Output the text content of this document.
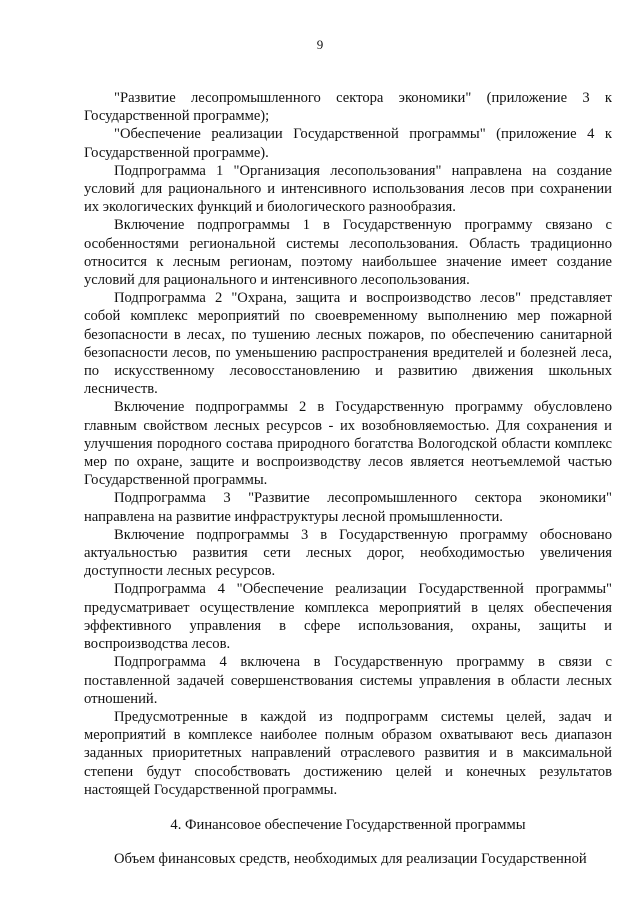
9

"Развитие лесопромышленного сектора экономики" (приложение 3 к Государственной программе);

"Обеспечение реализации Государственной программы" (приложение 4 к Государственной программе).

Подпрограмма 1 "Организация лесопользования" направлена на создание условий для рационального и интенсивного использования лесов при сохранении их экологических функций и биологического разнообразия.

Включение подпрограммы 1 в Государственную программу связано с особенностями региональной системы лесопользования. Область традиционно относится к лесным регионам, поэтому наибольшее значение имеет создание условий для рационального и интенсивного лесопользования.

Подпрограмма 2 "Охрана, защита и воспроизводство лесов" представляет собой комплекс мероприятий по своевременному выполнению мер пожарной безопасности в лесах, по тушению лесных пожаров, по обеспечению санитарной безопасности лесов, по уменьшению распространения вредителей и болезней леса, по искусственному лесовосстановлению и развитию движения школьных лесничеств.

Включение подпрограммы 2 в Государственную программу обусловлено главным свойством лесных ресурсов - их возобновляемостью. Для сохранения и улучшения породного состава природного богатства Вологодской области комплекс мер по охране, защите и воспроизводству лесов является неотъемлемой частью Государственной программы.

Подпрограмма 3 "Развитие лесопромышленного сектора экономики" направлена на развитие инфраструктуры лесной промышленности.

Включение подпрограммы 3 в Государственную программу обосновано актуальностью развития сети лесных дорог, необходимостью увеличения доступности лесных ресурсов.

Подпрограмма 4 "Обеспечение реализации Государственной программы" предусматривает осуществление комплекса мероприятий в целях обеспечения эффективного управления в сфере использования, охраны, защиты и воспроизводства лесов.

Подпрограмма 4 включена в Государственную программу в связи с поставленной задачей совершенствования системы управления в области лесных отношений.

Предусмотренные в каждой из подпрограмм системы целей, задач и мероприятий в комплексе наиболее полным образом охватывают весь диапазон заданных приоритетных направлений отраслевого развития и в максимальной степени будут способствовать достижению целей и конечных результатов настоящей Государственной программы.

4. Финансовое обеспечение Государственной программы

Объем финансовых средств, необходимых для реализации Государственной
